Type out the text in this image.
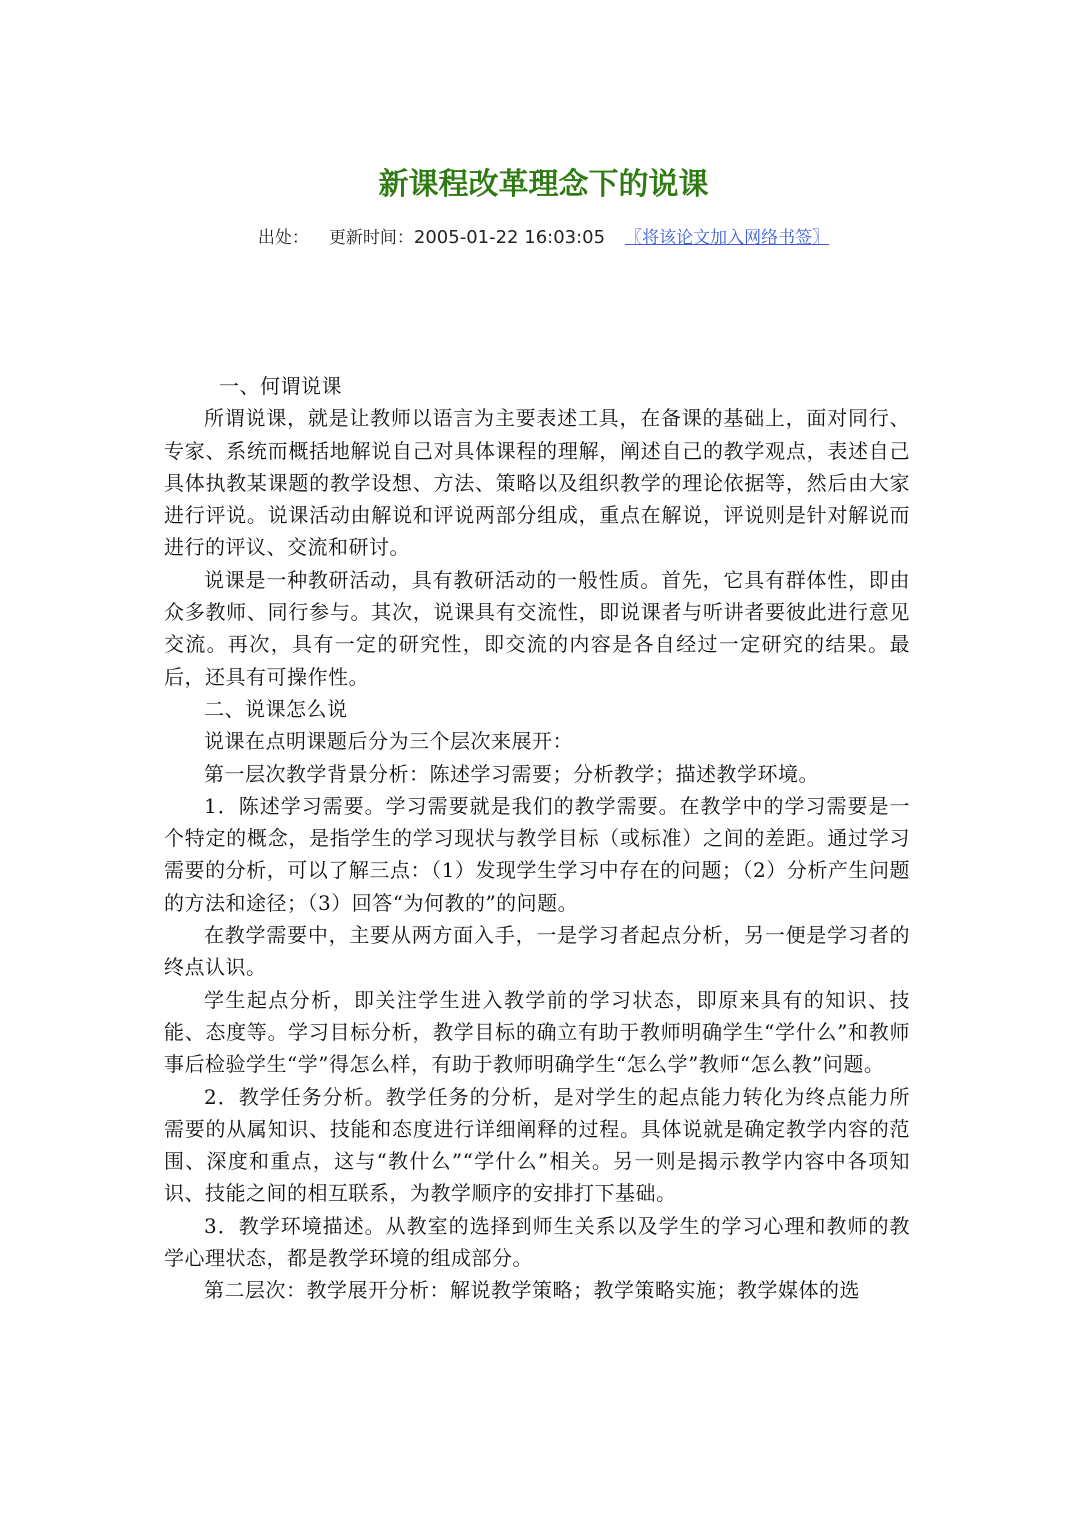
新课程改革理念下的说课
出处： 更新时间：2005-01-22 16:03:05 〖将该论文加入网络书签〗

一、何谓说课

所谓说课，就是让教师以语言为主要表述工具，在备课的基础上，面对同行、专家、系统而概括地解说自己对具体课程的理解，阐述自己的教学观点，表述自己具体执教某课题的教学设想、方法、策略以及组织教学的理论依据等，然后由大家进行评说。说课活动由解说和评说两部分组成，重点在解说，评说则是针对解说而进行的评议、交流和研讨。

说课是一种教研活动，具有教研活动的一般性质。首先，它具有群体性，即由众多教师、同行参与。其次，说课具有交流性，即说课者与听讲者要彼此进行意见交流。再次，具有一定的研究性，即交流的内容是各自经过一定研究的结果。最后，还具有可操作性。

二、说课怎么说

说课在点明课题后分为三个层次来展开：

第一层次教学背景分析：陈述学习需要；分析教学；描述教学环境。

1．陈述学习需要。学习需要就是我们的教学需要。在教学中的学习需要是一个特定的概念，是指学生的学习现状与教学目标（或标准）之间的差距。通过学习需要的分析，可以了解三点：（1）发现学生学习中存在的问题；（2）分析产生问题的方法和途径；（3）回答“为何教的”的问题。

在教学需要中，主要从两方面入手，一是学习者起点分析，另一便是学习者的终点认识。

学生起点分析，即关注学生进入教学前的学习状态，即原来具有的知识、技能、态度等。学习目标分析，教学目标的确立有助于教师明确学生“学什么”和教师事后检验学生“学”得怎么样，有助于教师明确学生“怎么学”教师“怎么教”问题。

2．教学任务分析。教学任务的分析，是对学生的起点能力转化为终点能力所需要的从属知识、技能和态度进行详细阐释的过程。具体说就是确定教学内容的范围、深度和重点，这与“教什么”“学什么”相关。另一则是揭示教学内容中各项知识、技能之间的相互联系，为教学顺序的安排打下基础。

3．教学环境描述。从教室的选择到师生关系以及学生的学习心理和教师的教学心理状态，都是教学环境的组成部分。

第二层次：教学展开分析：解说教学策略；教学策略实施；教学媒体的选
